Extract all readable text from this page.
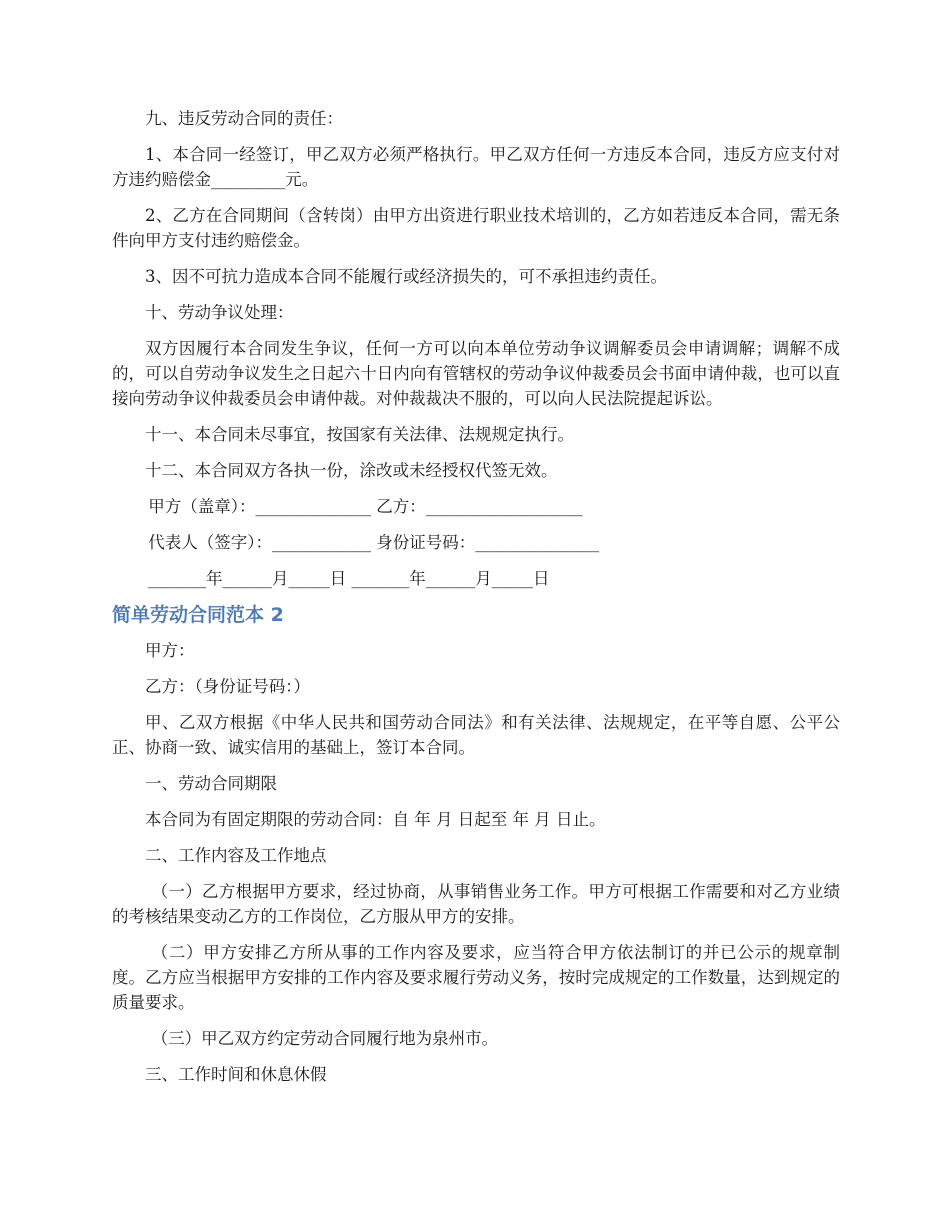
九、违反劳动合同的责任：

1、本合同一经签订，甲乙双方必须严格执行。甲乙双方任何一方违反本合同，违反方应支付对方违约赔偿金_________元。

2、乙方在合同期间（含转岗）由甲方出资进行职业技术培训的，乙方如若违反本合同，需无条件向甲方支付违约赔偿金。

3、因不可抗力造成本合同不能履行或经济损失的，可不承担违约责任。

十、劳动争议处理：

双方因履行本合同发生争议，任何一方可以向本单位劳动争议调解委员会申请调解；调解不成的，可以自劳动争议发生之日起六十日内向有管辖权的劳动争议仲裁委员会书面申请仲裁，也可以直接向劳动争议仲裁委员会申请仲裁。对仲裁裁决不服的，可以向人民法院提起诉讼。

十一、本合同未尽事宜，按国家有关法律、法规规定执行。

十二、本合同双方各执一份，涂改或未经授权代签无效。

甲方（盖章）：______________ 乙方：___________________

代表人（签字）：____________ 身份证号码：_______________

_______年______月_____日 _______年______月_____日

简单劳动合同范本 2

甲方：

乙方：（身份证号码：）

甲、乙双方根据《中华人民共和国劳动合同法》和有关法律、法规规定，在平等自愿、公平公正、协商一致、诚实信用的基础上，签订本合同。

一、劳动合同期限

本合同为有固定期限的劳动合同：自 年 月 日起至 年 月 日止。

二、工作内容及工作地点

（一）乙方根据甲方要求，经过协商，从事销售业务工作。甲方可根据工作需要和对乙方业绩的考核结果变动乙方的工作岗位，乙方服从甲方的安排。

（二）甲方安排乙方所从事的工作内容及要求，应当符合甲方依法制订的并已公示的规章制度。乙方应当根据甲方安排的工作内容及要求履行劳动义务，按时完成规定的工作数量，达到规定的质量要求。

（三）甲乙双方约定劳动合同履行地为泉州市。

三、工作时间和休息休假
